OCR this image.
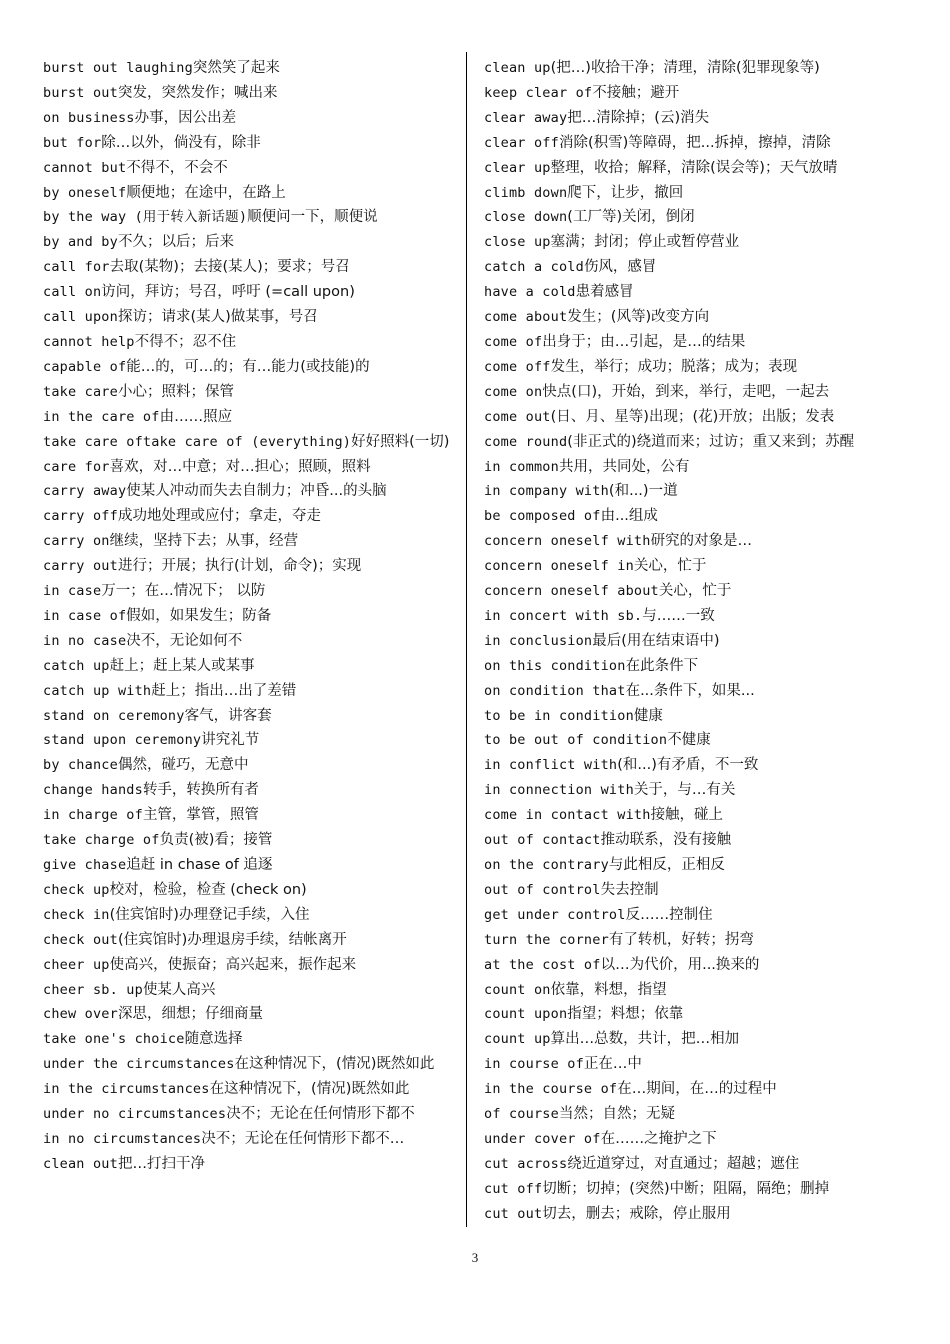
burst out laughing突然笑了起来
burst out突发，突然发作；喊出来
on business办事，因公出差
but for除…以外，倘没有，除非
cannot but不得不，不会不
by oneself顺便地；在途中，在路上
by the way (用于转入新话题)顺便问一下，顺便说
by and by不久；以后；后来
call for去取(某物)；去接(某人)；要求；号召
call on访问，拜访；号召，呼吁 (=call upon)
call upon探访；请求(某人)做某事，号召
cannot help不得不；忍不住
capable of能…的，可…的；有…能力(或技能)的
take care小心；照料；保管
in the care of由……照应
take care oftake care of (everything)好好照料(一切)
care for喜欢，对…中意；对…担心；照顾，照料
carry away使某人冲动而失去自制力；冲昏...的头脑
carry off成功地处理或应付；拿走，夺走
carry on继续，坚持下去；从事，经营
carry out进行；开展；执行(计划，命令)；实现
in case万一；在…情况下； 以防
in case of假如，如果发生；防备
in no case决不，无论如何不
catch up赶上；赶上某人或某事
catch up with赶上；指出…出了差错
stand on ceremony客气，讲客套
stand upon ceremony讲究礼节
by chance偶然，碰巧，无意中
change hands转手，转换所有者
in charge of主管，掌管，照管
take charge of负责(被)看；接管
give chase追赶 in chase of 追逐
check up校对，检验，检查 (check on)
check in(住宾馆时)办理登记手续，入住
check out(住宾馆时)办理退房手续，结帐离开
cheer up使高兴，使振奋；高兴起来，振作起来
cheer sb. up使某人高兴
chew over深思，细想；仔细商量
take one's choice随意选择
under the circumstances在这种情况下，(情况)既然如此
in the circumstances在这种情况下，(情况)既然如此
under no circumstances决不；无论在任何情形下都不
in no circumstances决不；无论在任何情形下都不…
clean out把…打扫干净
clean up(把…)收拾干净；清理，清除(犯罪现象等)
keep clear of不接触；避开
clear away把…清除掉；(云)消失
clear off消除(积雪)等障碍，把...拆掉，擦掉，清除
clear up整理，收拾；解释，清除(误会等)；天气放晴
climb down爬下，让步，撤回
close down(工厂等)关闭，倒闭
close up塞满；封闭；停止或暂停营业
catch a cold伤风，感冒
have a cold患着感冒
come about发生；(风等)改变方向
come of出身于；由…引起，是…的结果
come off发生，举行；成功；脱落；成为；表现
come on快点(口)，开始，到来，举行，走吧，一起去
come out(日、月、星等)出现；(花)开放；出版；发表
come round(非正式的)绕道而来；过访；重又来到；苏醒
in common共用，共同处，公有
in company with(和...)一道
be composed of由...组成
concern oneself with研究的对象是…
concern oneself in关心，忙于
concern oneself about关心，忙于
in concert with sb.与……一致
in conclusion最后(用在结束语中)
on this condition在此条件下
on condition that在...条件下，如果...
to be in condition健康
to be out of condition不健康
in conflict with(和...)有矛盾，不一致
in connection with关于，与…有关
come in contact with接触，碰上
out of contact推动联系，没有接触
on the contrary与此相反，正相反
out of control失去控制
get under control反……控制住
turn the corner有了转机，好转；拐弯
at the cost of以…为代价，用...换来的
count on依靠，料想，指望
count upon指望；料想；依靠
count up算出…总数，共计，把…相加
in course of正在…中
in the course of在…期间，在…的过程中
of course当然；自然；无疑
under cover of在……之掩护之下
cut across绕近道穿过，对直通过；超越；遮住
cut off切断；切掉；(突然)中断；阻隔，隔绝；删掉
cut out切去，删去；戒除，停止服用
3
